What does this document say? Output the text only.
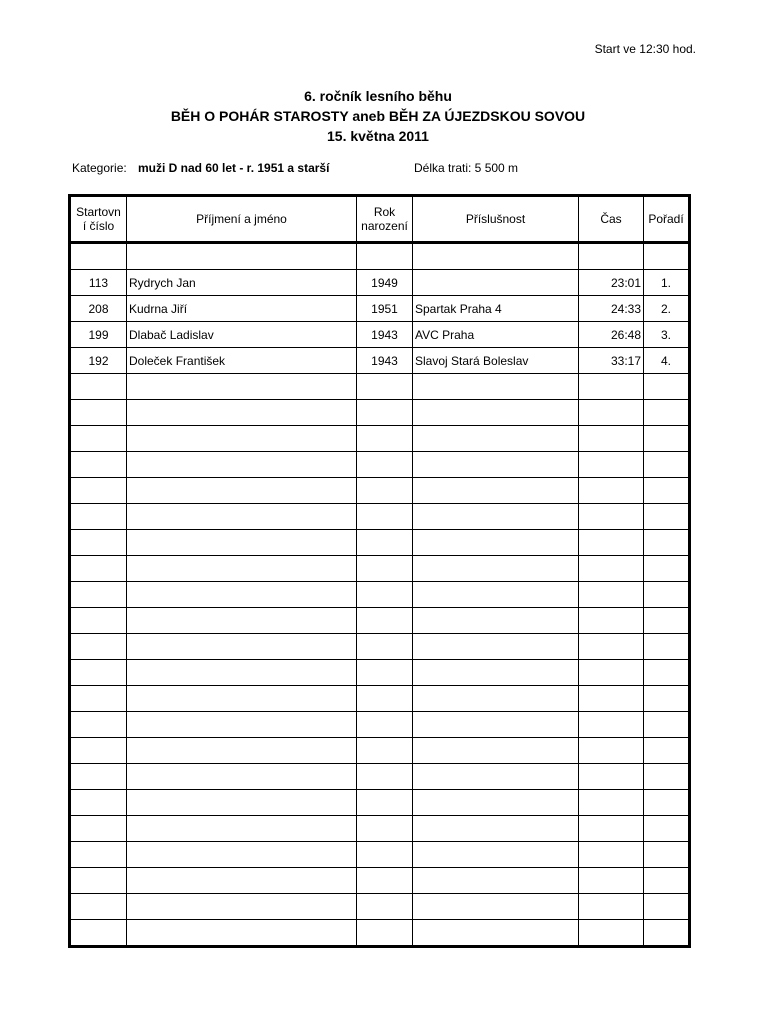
Start ve 12:30 hod.
6. ročník lesního běhu
BĚH O POHÁR STAROSTY aneb BĚH ZA ÚJEZDSKOU SOVOU
15. května 2011
Kategorie: muži D nad 60 let - r. 1951 a starší	Délka trati: 5 500 m
Startovn í číslo	Příjmení a jméno	Rok narození	Příslušnost	Čas	Pořadí

113	Rydrych Jan	1949		23:01	1.
208	Kudrna Jiří	1951	Spartak Praha 4	24:33	2.
199	Dlabač Ladislav	1943	AVC Praha	26:48	3.
192	Doleček František	1943	Slavoj Stará Boleslav	33:17	4.
